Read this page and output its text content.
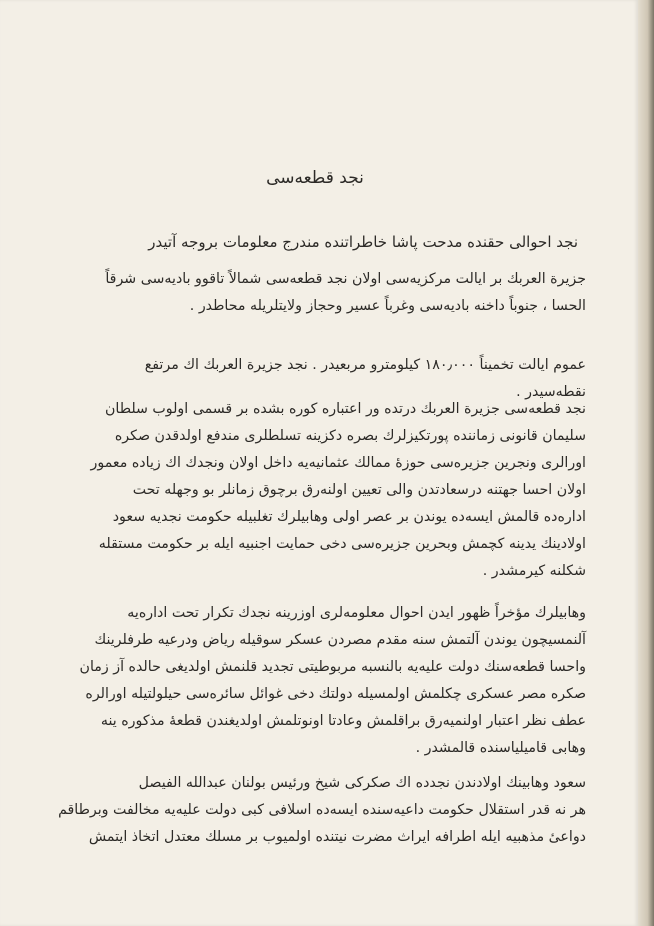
نجد قطعه‌سی
نجد احوالی حقنده مدحت پاشا خاطراتنده مندرج معلومات بروجه آتیدر
جزیرة العربك بر ایالت مرکزیه‌سی اولان نجد قطعه‌سی شمالاً تاقوو بادیه‌سی شرقاً
الحسا ، جنوباً داخنه بادیه‌سی وغرباً عسیر وحجاز ولایتلریله محاطدر .
عموم ایالت تخمیناً ۱۸۰٫۰۰۰ کیلومترو مربعیدر . نجد جزیرة العربك اك مرتفع
نقطه‌سیدر .
نجد قطعه‌سی جزیرة العربك درتده ور اعتباره کوره بشده بر قسمی اولوب سلطان
سلیمان قانونی زماننده پورتکیزلرك بصره دکزینه تسلطلری مندفع اولدقدن صکره
اورالری ونجرین جزیره‌سی حوزهٔ ممالك عثمانیه‌یه داخل اولان ونجدك اك زیاده معمور
اولان احسا جهتنه درسعادتدن والی تعیین اولنه‌رق برچوق زمانلر بو وجهله تحت
اداره‌ده قالمش ایسه‌ده یوندن بر عصر اولی وهابیلرك تغلبیله حکومت نجدیه سعود
اولادینك یدینه کچمش وبحرین جزیره‌سی دخی حمایت اجنبیه ایله بر حکومت مستقله
شکلنه کیرمشدر .
وهابیلرك مؤخراً ظهور ایدن احوال معلومه‌لری اوزرینه نجدك تکرار تحت اداره‌یه
آلنمسیچون یوندن آلتمش سنه مقدم مصردن عسکر سوقیله ریاض ودرعیه طرفلرینك
واحسا قطعه‌سنك دولت علیه‌یه بالنسبه مربوطیتی تجدید قلنمش اولدیغی حالده آز زمان
صکره مصر عسکری چکلمش اولمسیله دولتك دخی غوائل سائره‌سی حیلولتیله اورالره
عطف نظر اعتبار اولنمیه‌رق براقلمش وعادتا اونوتلمش اولدیغندن قطعهٔ مذکوره ینه
وهابی قامیلیاسنده قالمشدر .
سعود وهابینك اولادندن نجدده اك صکرکی شیخ ورئیس بولنان عبدالله الفیصل
هر نه قدر استقلال حکومت داعیه‌سنده ایسه‌ده اسلافی کبی دولت علیه‌یه مخالفت وبرطاقم
دواعیٔ مذهبیه ایله اطرافه ایراث مضرت نیتنده اولمیوب بر مسلك معتدل اتخاذ ایتمش
